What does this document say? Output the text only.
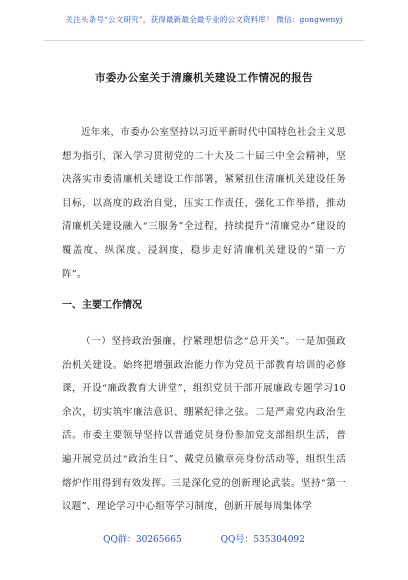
关注头条号“公文研究”，获得最新最全最专业的公文资料库！ 微信：gongwenyj
市委办公室关于清廉机关建设工作情况的报告

近年来，市委办公室坚持以习近平新时代中国特色社会主义思想为指引，深入学习贯彻党的二十大及二十届三中全会精神，坚决落实市委清廉机关建设工作部署，紧紧扭住清廉机关建设任务目标，以高度的政治自觉，压实工作责任，强化工作举措，推动清廉机关建设融入“三服务”全过程，持续提升“清廉党办”建设的覆盖度、纵深度、浸润度，稳步走好清廉机关建设的“第一方阵”。

一、主要工作情况

（一）坚持政治强廉，拧紧理想信念“总开关”。一是加强政治机关建设。始终把增强政治能力作为党员干部教育培训的必修课，开设“廉政教育大讲堂”，组织党员干部开展廉政专题学习10余次，切实筑牢廉洁意识、绷紧纪律之弦。二是严肃党内政治生活。市委主要领导坚持以普通党员身份参加党支部组织生活，普遍开展党员过“政治生日”、戴党员徽章亮身份活动等，组织生活熔炉作用得到有效发挥。三是深化党的创新理论武装。坚持“第一议题”、理论学习中心组等学习制度，创新开展每周集体学

QQ群：30265665	QQ号：535304092
